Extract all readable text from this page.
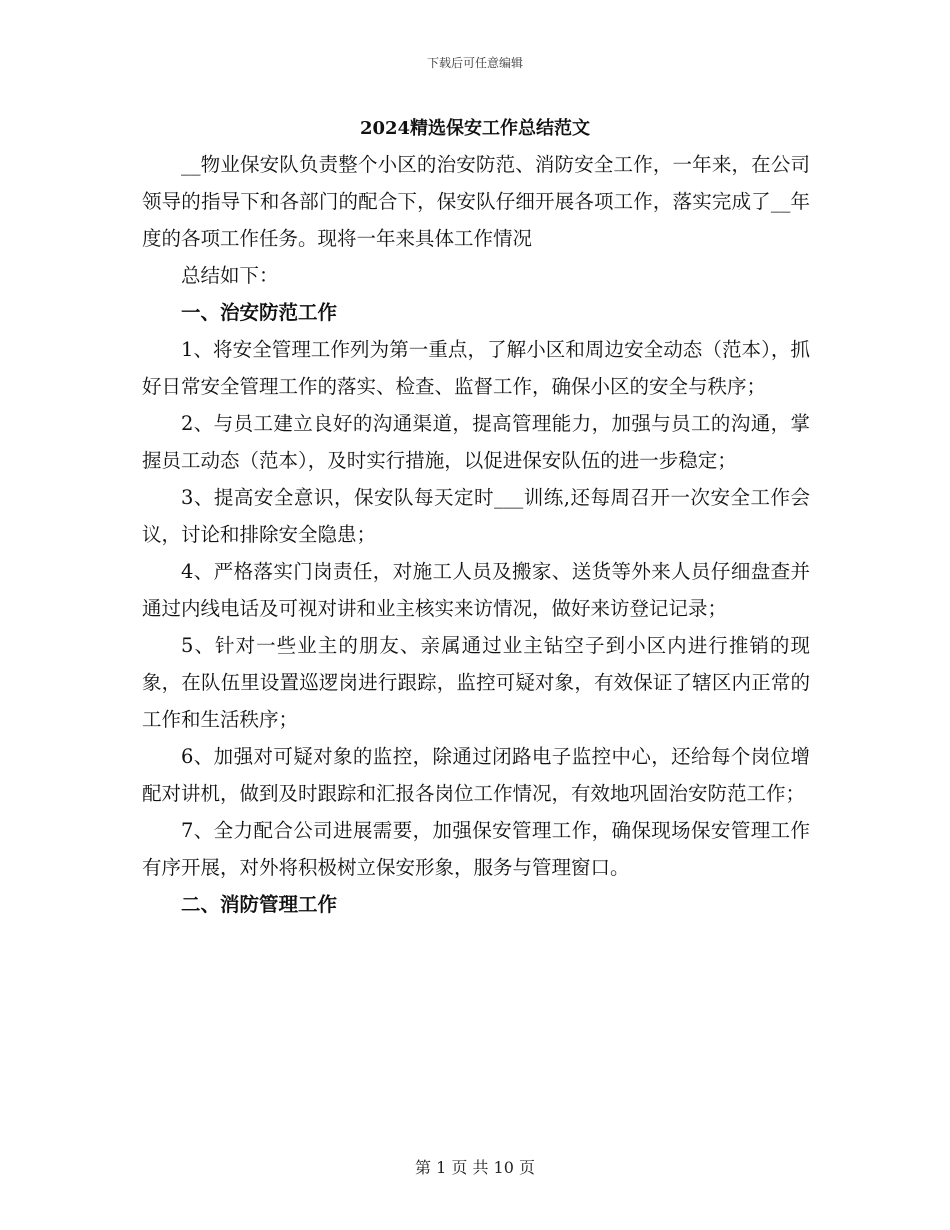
下载后可任意编辑
2024精选保安工作总结范文

__物业保安队负责整个小区的治安防范、消防安全工作，一年来，在公司领导的指导下和各部门的配合下，保安队仔细开展各项工作，落实完成了__年度的各项工作任务。现将一年来具体工作情况

总结如下：

一、治安防范工作

1、将安全管理工作列为第一重点，了解小区和周边安全动态（范本），抓好日常安全管理工作的落实、检查、监督工作，确保小区的安全与秩序；

2、与员工建立良好的沟通渠道，提高管理能力，加强与员工的沟通，掌握员工动态（范本），及时实行措施，以促进保安队伍的进一步稳定；

3、提高安全意识，保安队每天定时___训练,还每周召开一次安全工作会议，讨论和排除安全隐患；

4、严格落实门岗责任，对施工人员及搬家、送货等外来人员仔细盘查并通过内线电话及可视对讲和业主核实来访情况，做好来访登记记录；

5、针对一些业主的朋友、亲属通过业主钻空子到小区内进行推销的现象，在队伍里设置巡逻岗进行跟踪，监控可疑对象，有效保证了辖区内正常的工作和生活秩序；

6、加强对可疑对象的监控，除通过闭路电子监控中心，还给每个岗位增配对讲机，做到及时跟踪和汇报各岗位工作情况，有效地巩固治安防范工作；

7、全力配合公司进展需要，加强保安管理工作，确保现场保安管理工作有序开展，对外将积极树立保安形象，服务与管理窗口。

二、消防管理工作

第 1 页 共 10 页
